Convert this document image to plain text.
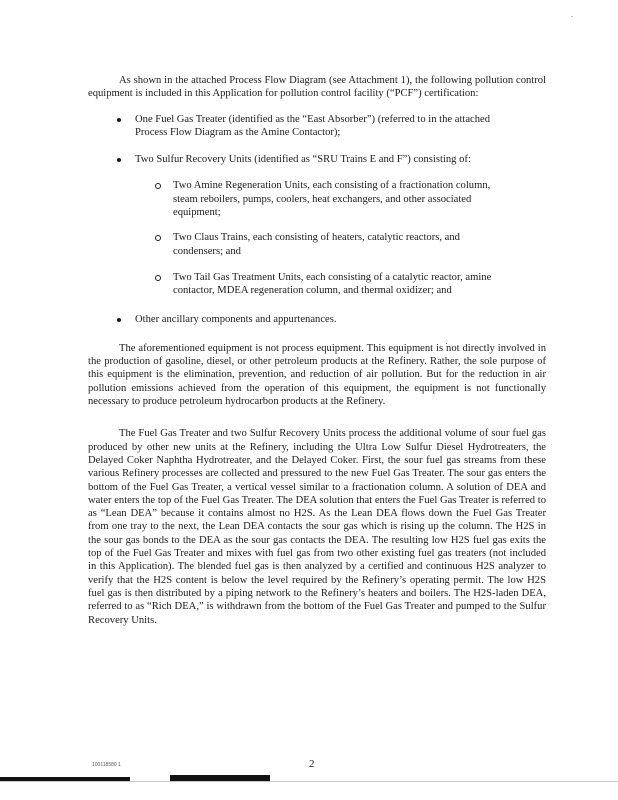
As shown in the attached Process Flow Diagram (see Attachment 1), the following pollution control equipment is included in this Application for pollution control facility (“PCF”) certification:

One Fuel Gas Treater (identified as the “East Absorber”) (referred to in the attached Process Flow Diagram as the Amine Contactor);
Two Sulfur Recovery Units (identified as “SRU Trains E and F”) consisting of:
Two Amine Regeneration Units, each consisting of a fractionation column, steam reboilers, pumps, coolers, heat exchangers, and other associated equipment;
Two Claus Trains, each consisting of heaters, catalytic reactors, and condensers; and
Two Tail Gas Treatment Units, each consisting of a catalytic reactor, amine contactor, MDEA regeneration column, and thermal oxidizer; and
Other ancillary components and appurtenances.

The aforementioned equipment is not process equipment. This equipment is not directly involved in the production of gasoline, diesel, or other petroleum products at the Refinery. Rather, the sole purpose of this equipment is the elimination, prevention, and reduction of air pollution. But for the reduction in air pollution emissions achieved from the operation of this equipment, the equipment is not functionally necessary to produce petroleum hydrocarbon products at the Refinery.

The Fuel Gas Treater and two Sulfur Recovery Units process the additional volume of sour fuel gas produced by other new units at the Refinery, including the Ultra Low Sulfur Diesel Hydrotreaters, the Delayed Coker Naphtha Hydrotreater, and the Delayed Coker. First, the sour fuel gas streams from these various Refinery processes are collected and pressured to the new Fuel Gas Treater. The sour gas enters the bottom of the Fuel Gas Treater, a vertical vessel similar to a fractionation column. A solution of DEA and water enters the top of the Fuel Gas Treater. The DEA solution that enters the Fuel Gas Treater is referred to as “Lean DEA” because it contains almost no H2S. As the Lean DEA flows down the Fuel Gas Treater from one tray to the next, the Lean DEA contacts the sour gas which is rising up the column. The H2S in the sour gas bonds to the DEA as the sour gas contacts the DEA. The resulting low H2S fuel gas exits the top of the Fuel Gas Treater and mixes with fuel gas from two other existing fuel gas treaters (not included in this Application). The blended fuel gas is then analyzed by a certified and continuous H2S analyzer to verify that the H2S content is below the level required by the Refinery’s operating permit. The low H2S fuel gas is then distributed by a piping network to the Refinery’s heaters and boilers. The H2S-laden DEA, referred to as “Rich DEA,” is withdrawn from the bottom of the Fuel Gas Treater and pumped to the Sulfur Recovery Units.

100118580 1	2
